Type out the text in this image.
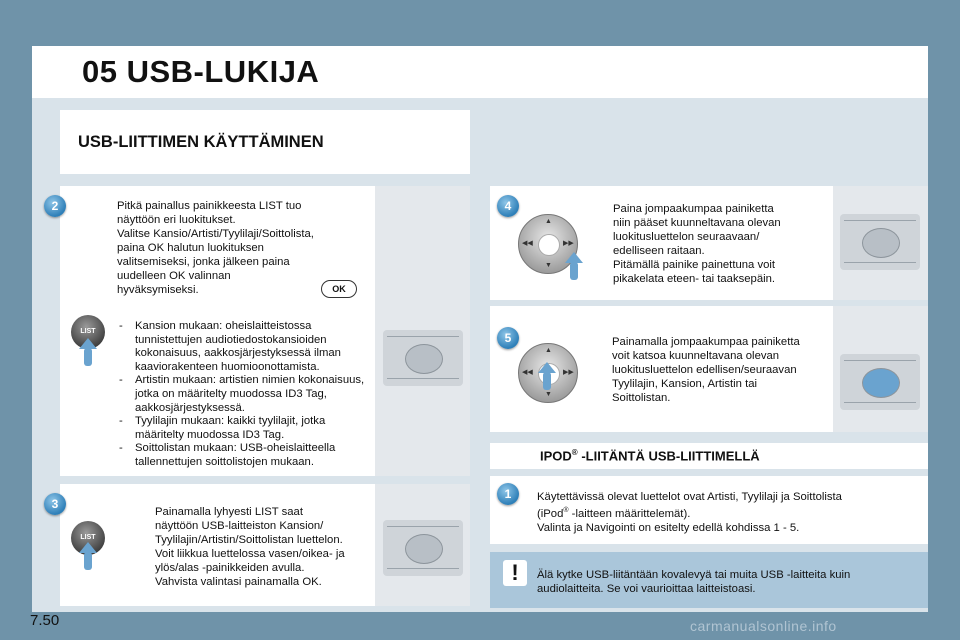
05 USB-LUKIJA
USB-LIITTIMEN KÄYTTÄMINEN
2	Pitkä painallus painikkeesta LIST tuo

näyttöön eri luokitukset.

Valitse Kansio/Artisti/Tyylilaji/Soittolista,

paina OK halutun luokituksen

valitsemiseksi, jonka jälkeen paina

uudelleen OK valinnan

hyväksymiseksi.	OK
LIST
-	Kansion mukaan: oheislaitteistossa tunnistettujen audiotiedostokansioiden kokonaisuus, aakkosjärjestyksessä ilman kaaviorakenteen huomioonottamista.
- Artistin mukaan: artistien nimien kokonaisuus, jotka on määritelty muodossa ID3 Tag, aakkosjärjestyksessä.
- Tyylilajin mukaan: kaikki tyylilajit, jotka määritelty muodossa ID3 Tag.
- Soittolistan mukaan: USB-oheislaitteella tallennettujen soittolistojen mukaan.
3
LIST

Painamalla lyhyesti LIST saat

näyttöön USB-laitteiston Kansion/

Tyylilajin/Artistin/Soittolistan luettelon.

Voit liikkua luettelossa vasen/oikea- ja

ylös/alas -painikkeiden avulla.

Vahvista valintasi painamalla OK.

4
▲
▼
◀◀	▶▶

Paina jompaakumpaa painiketta

niin pääset kuunneltavana olevan

luokitusluettelon seuraavaan/

edelliseen raitaan.

Pitämällä painike painettuna voit

pikakelata eteen- tai taaksepäin.

5
▲
▼
◀◀	▶▶

Painamalla jompaakumpaa painiketta

voit katsoa kuunneltavana olevan

luokitusluettelon edellisen/seuraavan

Tyylilajin, Kansion, Artistin tai

Soittolistan.

IPOD® -LIITÄNTÄ USB-LIITTIMELLÄ
1	Käytettävissä olevat luettelot ovat Artisti, Tyylilaji ja Soittolista

(iPod® -laitteen määrittelemät).

Valinta ja Navigointi on esitelty edellä kohdissa 1 - 5.

!	Älä kytke USB-liitäntään kovalevyä tai muita USB -laitteita kuin

audiolaitteita. Se voi vaurioittaa laitteistoasi.

7.50	carmanualsonline.info
